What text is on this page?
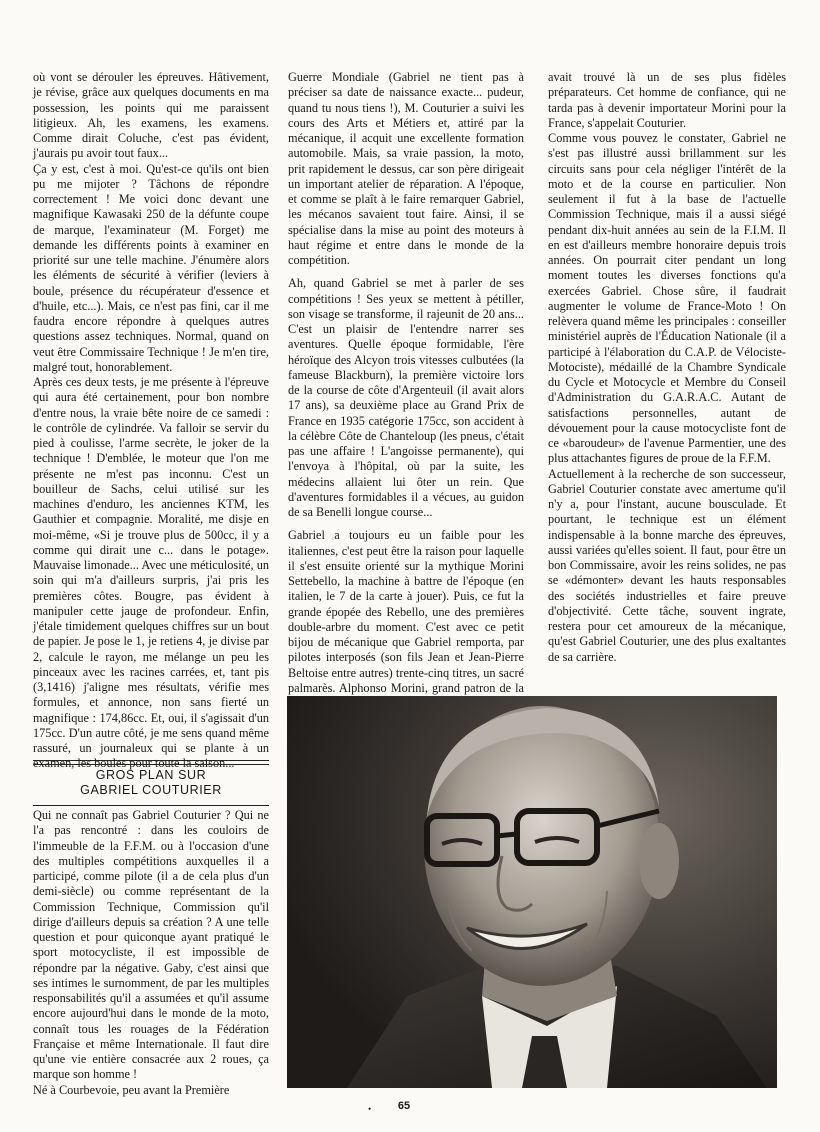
où vont se dérouler les épreuves. Hâtivement, je révise, grâce aux quelques documents en ma possession, les points qui me paraissent litigieux. Ah, les examens, les examens. Comme dirait Coluche, c'est pas évident, j'aurais pu avoir tout faux...

Ça y est, c'est à moi. Qu'est-ce qu'ils ont bien pu me mijoter ? Tâchons de répondre correctement ! Me voici donc devant une magnifique Kawasaki 250 de la défunte coupe de marque, l'examinateur (M. Forget) me demande les différents points à examiner en priorité sur une telle machine. J'énumère alors les éléments de sécurité à vérifier (leviers à boule, présence du récupérateur d'essence et d'huile, etc...). Mais, ce n'est pas fini, car il me faudra encore répondre à quelques autres questions assez techniques. Normal, quand on veut être Commissaire Technique ! Je m'en tire, malgré tout, honorablement.

Après ces deux tests, je me présente à l'épreuve qui aura été certainement, pour bon nombre d'entre nous, la vraie bête noire de ce samedi : le contrôle de cylindrée. Va falloir se servir du pied à coulisse, l'arme secrète, le joker de la technique ! D'emblée, le moteur que l'on me présente ne m'est pas inconnu. C'est un bouilleur de Sachs, celui utilisé sur les machines d'enduro, les anciennes KTM, les Gauthier et compagnie. Moralité, me disje en moi-même, «Si je trouve plus de 500cc, il y a comme qui dirait une c... dans le potage». Mauvaise limonade... Avec une méticulosité, un soin qui m'a d'ailleurs surpris, j'ai pris les premières côtes. Bougre, pas évident à manipuler cette jauge de profondeur. Enfin, j'étale timidement quelques chiffres sur un bout de papier. Je pose le 1, je retiens 4, je divise par 2, calcule le rayon, me mélange un peu les pinceaux avec les racines carrées, et, tant pis (3,1416) j'aligne mes résultats, vérifie mes formules, et annonce, non sans fierté un magnifique : 174,86cc. Et, oui, il s'agissait d'un 175cc. D'un autre côté, je me sens quand même rassuré, un journaleux qui se plante à un examen, les boules pour toute la saison...

GROS PLAN SUR
GABRIEL COUTURIER

Qui ne connaît pas Gabriel Couturier ? Qui ne l'a pas rencontré : dans les couloirs de l'immeuble de la F.F.M. ou à l'occasion d'une des multiples compétitions auxquelles il a participé, comme pilote (il a de cela plus d'un demi-siècle) ou comme représentant de la Commission Technique, Commission qu'il dirige d'ailleurs depuis sa création ? A une telle question et pour quiconque ayant pratiqué le sport motocycliste, il est impossible de répondre par la négative. Gaby, c'est ainsi que ses intimes le surnomment, de par les multiples responsabilités qu'il a assumées et qu'il assume encore aujourd'hui dans le monde de la moto, connaît tous les rouages de la Fédération Française et même Internationale. Il faut dire qu'une vie entière consacrée aux 2 roues, ça marque son homme !

Né à Courbevoie, peu avant la Première

Guerre Mondiale (Gabriel ne tient pas à préciser sa date de naissance exacte... pudeur, quand tu nous tiens !), M. Couturier a suivi les cours des Arts et Métiers et, attiré par la mécanique, il acquit une excellente formation automobile. Mais, sa vraie passion, la moto, prit rapidement le dessus, car son père dirigeait un important atelier de réparation. A l'époque, et comme se plaît à le faire remarquer Gabriel, les mécanos savaient tout faire. Ainsi, il se spécialise dans la mise au point des moteurs à haut régime et entre dans le monde de la compétition.

Ah, quand Gabriel se met à parler de ses compétitions ! Ses yeux se mettent à pétiller, son visage se transforme, il rajeunit de 20 ans... C'est un plaisir de l'entendre narrer ses aventures. Quelle époque formidable, l'ère héroïque des Alcyon trois vitesses culbutées (la fameuse Blackburn), la première victoire lors de la course de côte d'Argenteuil (il avait alors 17 ans), sa deuxième place au Grand Prix de France en 1935 catégorie 175cc, son accident à la célèbre Côte de Chanteloup (les pneus, c'était pas une affaire ! L'angoisse permanente), qui l'envoya à l'hôpital, où par la suite, les médecins allaient lui ôter un rein. Que d'aventures formidables il a vécues, au guidon de sa Benelli longue course...

Gabriel a toujours eu un faible pour les italiennes, c'est peut être la raison pour laquelle il s'est ensuite orienté sur la mythique Morini Settebello, la machine à battre de l'époque (en italien, le 7 de la carte à jouer). Puis, ce fut la grande épopée des Rebello, une des premières double-arbre du moment. C'est avec ce petit bijou de mécanique que Gabriel remporta, par pilotes interposés (son fils Jean et Jean-Pierre Beltoise entre autres) trente-cinq titres, un sacré palmarès. Alphonso Morini, grand patron de la

avait trouvé là un de ses plus fidèles préparateurs. Cet homme de confiance, qui ne tarda pas à devenir importateur Morini pour la France, s'appelait Couturier.

Comme vous pouvez le constater, Gabriel ne s'est pas illustré aussi brillamment sur les circuits sans pour cela négliger l'intérêt de la moto et de la course en particulier. Non seulement il fut à la base de l'actuelle Commission Technique, mais il a aussi siégé pendant dix-huit années au sein de la F.I.M. Il en est d'ailleurs membre honoraire depuis trois années. On pourrait citer pendant un long moment toutes les diverses fonctions qu'a exercées Gabriel. Chose sûre, il faudrait augmenter le volume de France-Moto ! On relèvera quand même les principales : conseiller ministériel auprès de l'Éducation Nationale (il a participé à l'élaboration du C.A.P. de Vélociste-Motociste), médaillé de la Chambre Syndicale du Cycle et Motocycle et Membre du Conseil d'Administration du G.A.R.A.C. Autant de satisfactions personnelles, autant de dévouement pour la cause motocycliste font de ce «baroudeur» de l'avenue Parmentier, une des plus attachantes figures de proue de la F.F.M.

Actuellement à la recherche de son successeur, Gabriel Couturier constate avec amertume qu'il n'y a, pour l'instant, aucune bousculade. Et pourtant, le technique est un élément indispensable à la bonne marche des épreuves, aussi variées qu'elles soient. Il faut, pour être un bon Commissaire, avoir les reins solides, ne pas se «démonter» devant les hauts responsables des sociétés industrielles et faire preuve d'objectivité. Cette tâche, souvent ingrate, restera pour cet amoureux de la mécanique, qu'est Gabriel Couturier, une des plus exaltantes de sa carrière.

•	65
